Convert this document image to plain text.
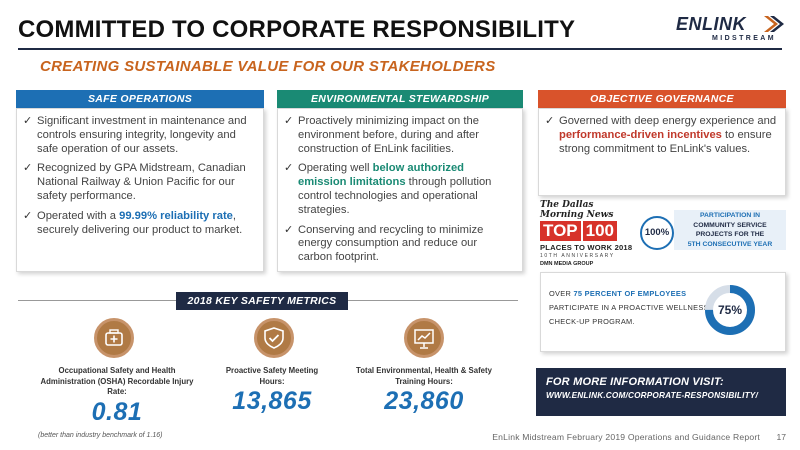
COMMITTED TO CORPORATE RESPONSIBILITY
CREATING SUSTAINABLE VALUE FOR OUR STAKEHOLDERS
ENLINK
MIDSTREAM
SAFE OPERATIONS
✓ Significant investment in maintenance and controls ensuring integrity, longevity and safe operation of our assets.
✓ Recognized by GPA Midstream, Canadian National Railway & Union Pacific for our safety performance.
✓ Operated with a 99.99% reliability rate, securely delivering our product to market.
ENVIRONMENTAL STEWARDSHIP
✓ Proactively minimizing impact on the environment before, during and after construction of EnLink facilities.
✓ Operating well below authorized emission limitations through pollution control technologies and operational strategies.
✓ Conserving and recycling to minimize energy consumption and reduce our carbon footprint.
OBJECTIVE GOVERNANCE
✓ Governed with deep energy experience and performance-driven incentives to ensure strong commitment to EnLink's values.
The Dallas Morning News
TOP 100
PLACES TO WORK 2018
10TH ANNIVERSARY
DMN MEDIA GROUP
100%
PARTICIPATION IN
COMMUNITY SERVICE PROJECTS FOR THE
5TH CONSECUTIVE YEAR
OVER 75 PERCENT OF EMPLOYEES PARTICIPATE IN A PROACTIVE WELLNESS CHECK-UP PROGRAM.
75%
FOR MORE INFORMATION VISIT:
WWW.ENLINK.COM/CORPORATE-RESPONSIBILITY/
2018 KEY SAFETY METRICS
Occupational Safety and Health Administration (OSHA) Recordable Injury Rate:
0.81
Proactive Safety Meeting Hours:
13,865
Total Environmental, Health & Safety Training Hours:
23,860
(better than industry benchmark of 1.16)	EnLink Midstream February 2019 Operations and Guidance Report 17
